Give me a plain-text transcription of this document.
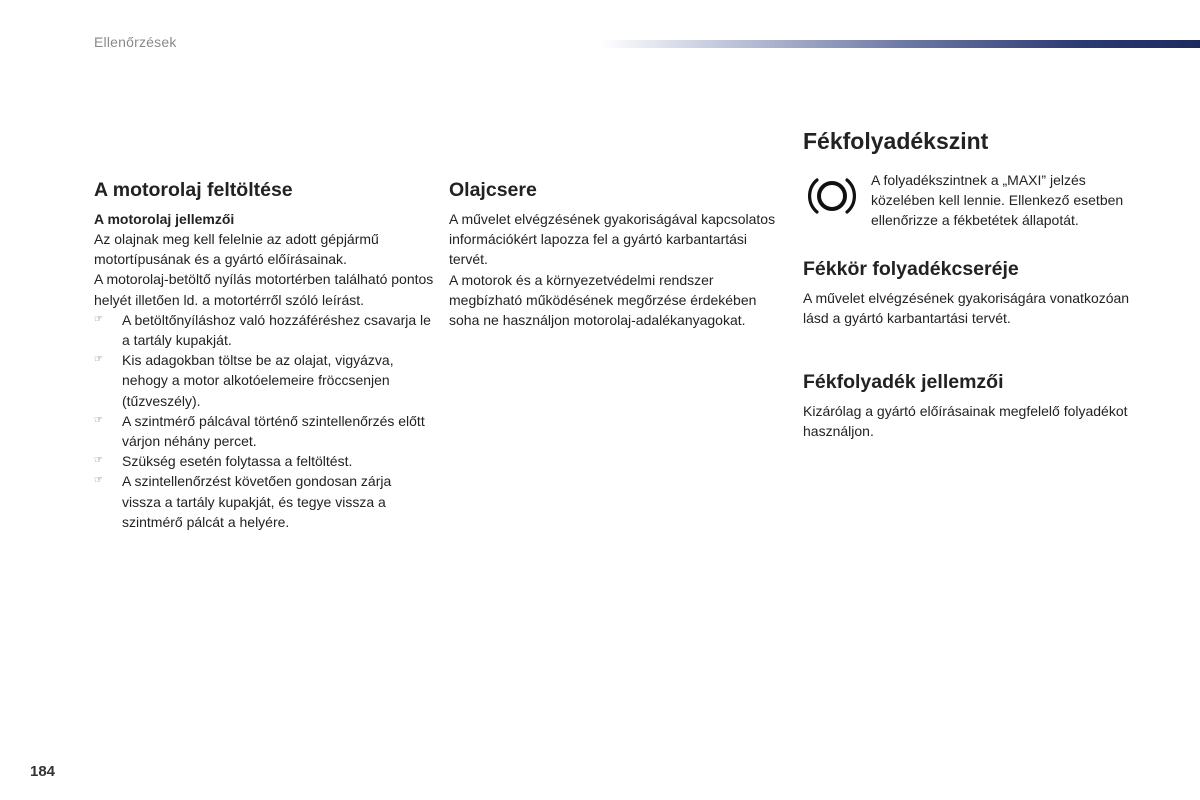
Ellenőrzések
A motorolaj feltöltése
A motorolaj jellemzői

Az olajnak meg kell felelnie az adott gépjármű motortípusának és a gyártó előírásainak.

A motorolaj-betöltő nyílás motortérben található pontos helyét illetően ld. a motortérről szóló leírást.

☞ A betöltőnyíláshoz való hozzáféréshez csavarja le a tartály kupakját.
☞ Kis adagokban töltse be az olajat, vigyázva, nehogy a motor alkotóelemeire fröccsenjen (tűzveszély).
☞ A szintmérő pálcával történő szintellenőrzés előtt várjon néhány percet.
☞ Szükség esetén folytassa a feltöltést.
☞ A szintellenőrzést követően gondosan zárja vissza a tartály kupakját, és tegye vissza a szintmérő pálcát a helyére.
Olajcsere

A művelet elvégzésének gyakoriságával kapcsolatos információkért lapozza fel a gyártó karbantartási tervét.

A motorok és a környezetvédelmi rendszer megbízható működésének megőrzése érdekében soha ne használjon motorolaj-adalékanyagokat.

Fékfolyadékszint
A folyadékszintnek a „MAXI” jelzés közelében kell lennie. Ellenkező esetben ellenőrizze a fékbetétek állapotát.
Fékkör folyadékcseréje

A művelet elvégzésének gyakoriságára vonatkozóan lásd a gyártó karbantartási tervét.

Fékfolyadék jellemzői

Kizárólag a gyártó előírásainak megfelelő folyadékot használjon.

184
